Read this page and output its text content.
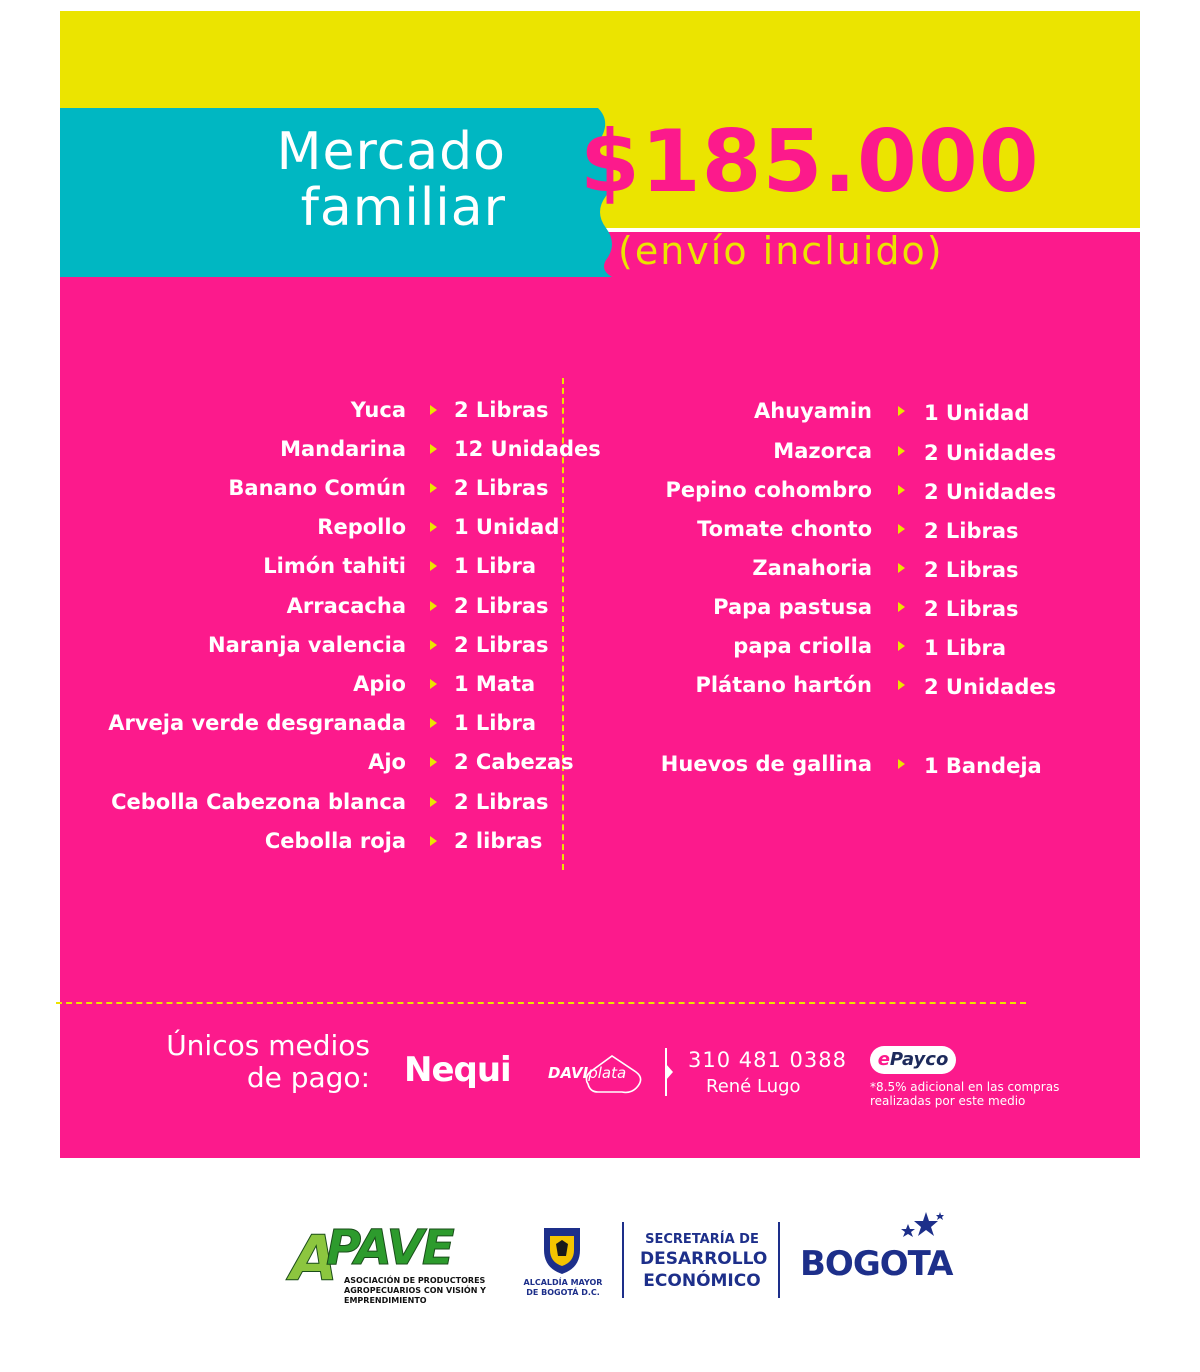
Mercado
familiar $185.000
(envío incluido)
Yuca 2 Libras
Mandarina 12 Unidades
Banano Común 2 Libras
Repollo 1 Unidad
Limón tahiti 1 Libra
Arracacha 2 Libras
Naranja valencia 2 Libras
Apio 1 Mata
Arveja verde desgranada 1 Libra
Ajo 2 Cabezas
Cebolla Cabezona blanca 2 Libras
Cebolla roja 2 libras
Ahuyamin 1 Unidad
Mazorca 2 Unidades
Pepino cohombro 2 Unidades
Tomate chonto 2 Libras
Zanahoria 2 Libras
Papa pastusa 2 Libras
papa criolla 1 Libra
Plátano hartón 2 Unidades
Huevos de gallina 1 Bandeja
Únicos medios
de pago: Nequi DAVIplata
310 481 0388
René Lugo
ePayco
*8.5% adicional en las compras realizadas por este medio
A
PAVE
ASOCIACIÓN DE PRODUCTORES AGROPECUARIOS CON VISIÓN Y EMPRENDIMIENTO
ALCALDÍA MAYOR
DE BOGOTÁ D.C.
SECRETARÍA DE
DESARROLLO
ECONÓMICO BOGOTA
